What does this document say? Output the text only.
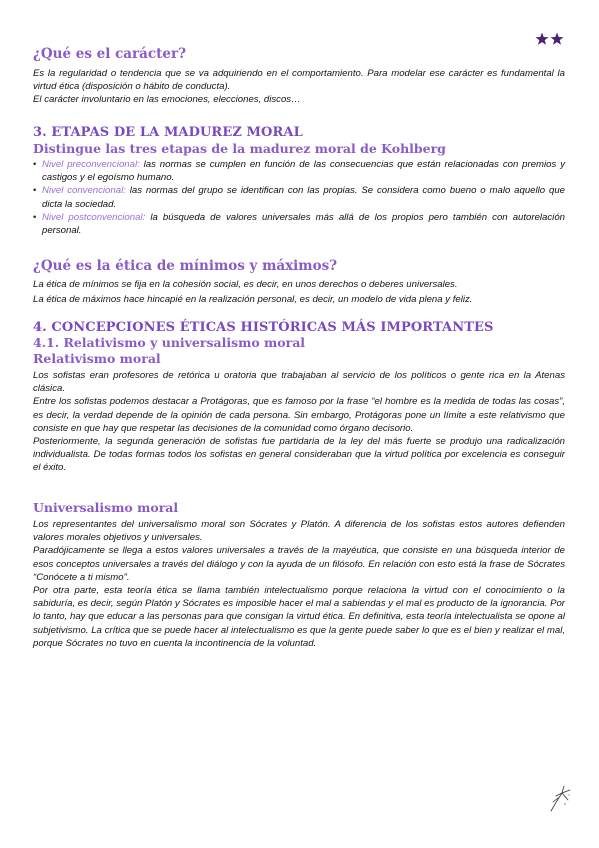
¿Qué es el carácter?

Es la regularidad o tendencia que se va adquiriendo en el comportamiento. Para modelar ese carácter es fundamental la virtud ética (disposición o hábito de conducta).

El carácter involuntario en las emociones, elecciones, discos…

3. ETAPAS DE LA MADUREZ MORAL
Distingue las tres etapas de la madurez moral de Kohlberg
• Nivel preconvencional: las normas se cumplen en función de las consecuencias que están relacionadas con premios y castigos y el egoísmo humano.
• Nivel convencional: las normas del grupo se identifican con las propias. Se considera como bueno o malo aquello que dicta la sociedad.
• Nivel postconvencional: la búsqueda de valores universales más allá de los propios pero también con autorelación personal.
¿Qué es la ética de mínimos y máximos?

La ética de mínimos se fija en la cohesión social, es decir, en unos derechos o deberes universales.

La ética de máximos hace hincapié en la realización personal, es decir, un modelo de vida plena y feliz.

4. CONCEPCIONES ÉTICAS HISTÓRICAS MÁS IMPORTANTES
4.1. Relativismo y universalismo moral
Relativismo moral

Los sofistas eran profesores de retórica u oratoria que trabajaban al servicio de los políticos o gente rica en la Atenas clásica.

Entre los sofistas podemos destacar a Protágoras, que es famoso por la frase “el hombre es la medida de todas las cosas”, es decir, la verdad depende de la opinión de cada persona. Sin embargo, Protágoras pone un límite a este relativismo que consiste en que hay que respetar las decisiones de la comunidad como órgano decisorio.

Posteriormente, la segunda generación de sofistas fue partidaria de la ley del más fuerte se produjo una radicalización individualista. De todas formas todos los sofistas en general consideraban que la virtud política por excelencia es conseguir el éxito.

Universalismo moral

Los representantes del universalismo moral son Sócrates y Platón. A diferencia de los sofistas estos autores defienden valores morales objetivos y universales.

Paradójicamente se llega a estos valores universales a través de la mayéutica, que consiste en una búsqueda interior de esos conceptos universales a través del diálogo y con la ayuda de un filósofo. En relación con esto está la frase de Sócrates “Conócete a ti mismo”.

Por otra parte, esta teoría ética se llama también intelectualismo porque relaciona la virtud con el conocimiento o la sabiduría, es decir, según Platón y Sócrates es imposible hacer el mal a sabiendas y el mal es producto de la ignorancia. Por lo tanto, hay que educar a las personas para que consigan la virtud ética. En definitiva, esta teoría intelectualista se opone al subjetivismo. La crítica que se puede hacer al intelectualismo es que la gente puede saber lo que es el bien y realizar el mal, porque Sócrates no tuvo en cuenta la incontinencia de la voluntad.
